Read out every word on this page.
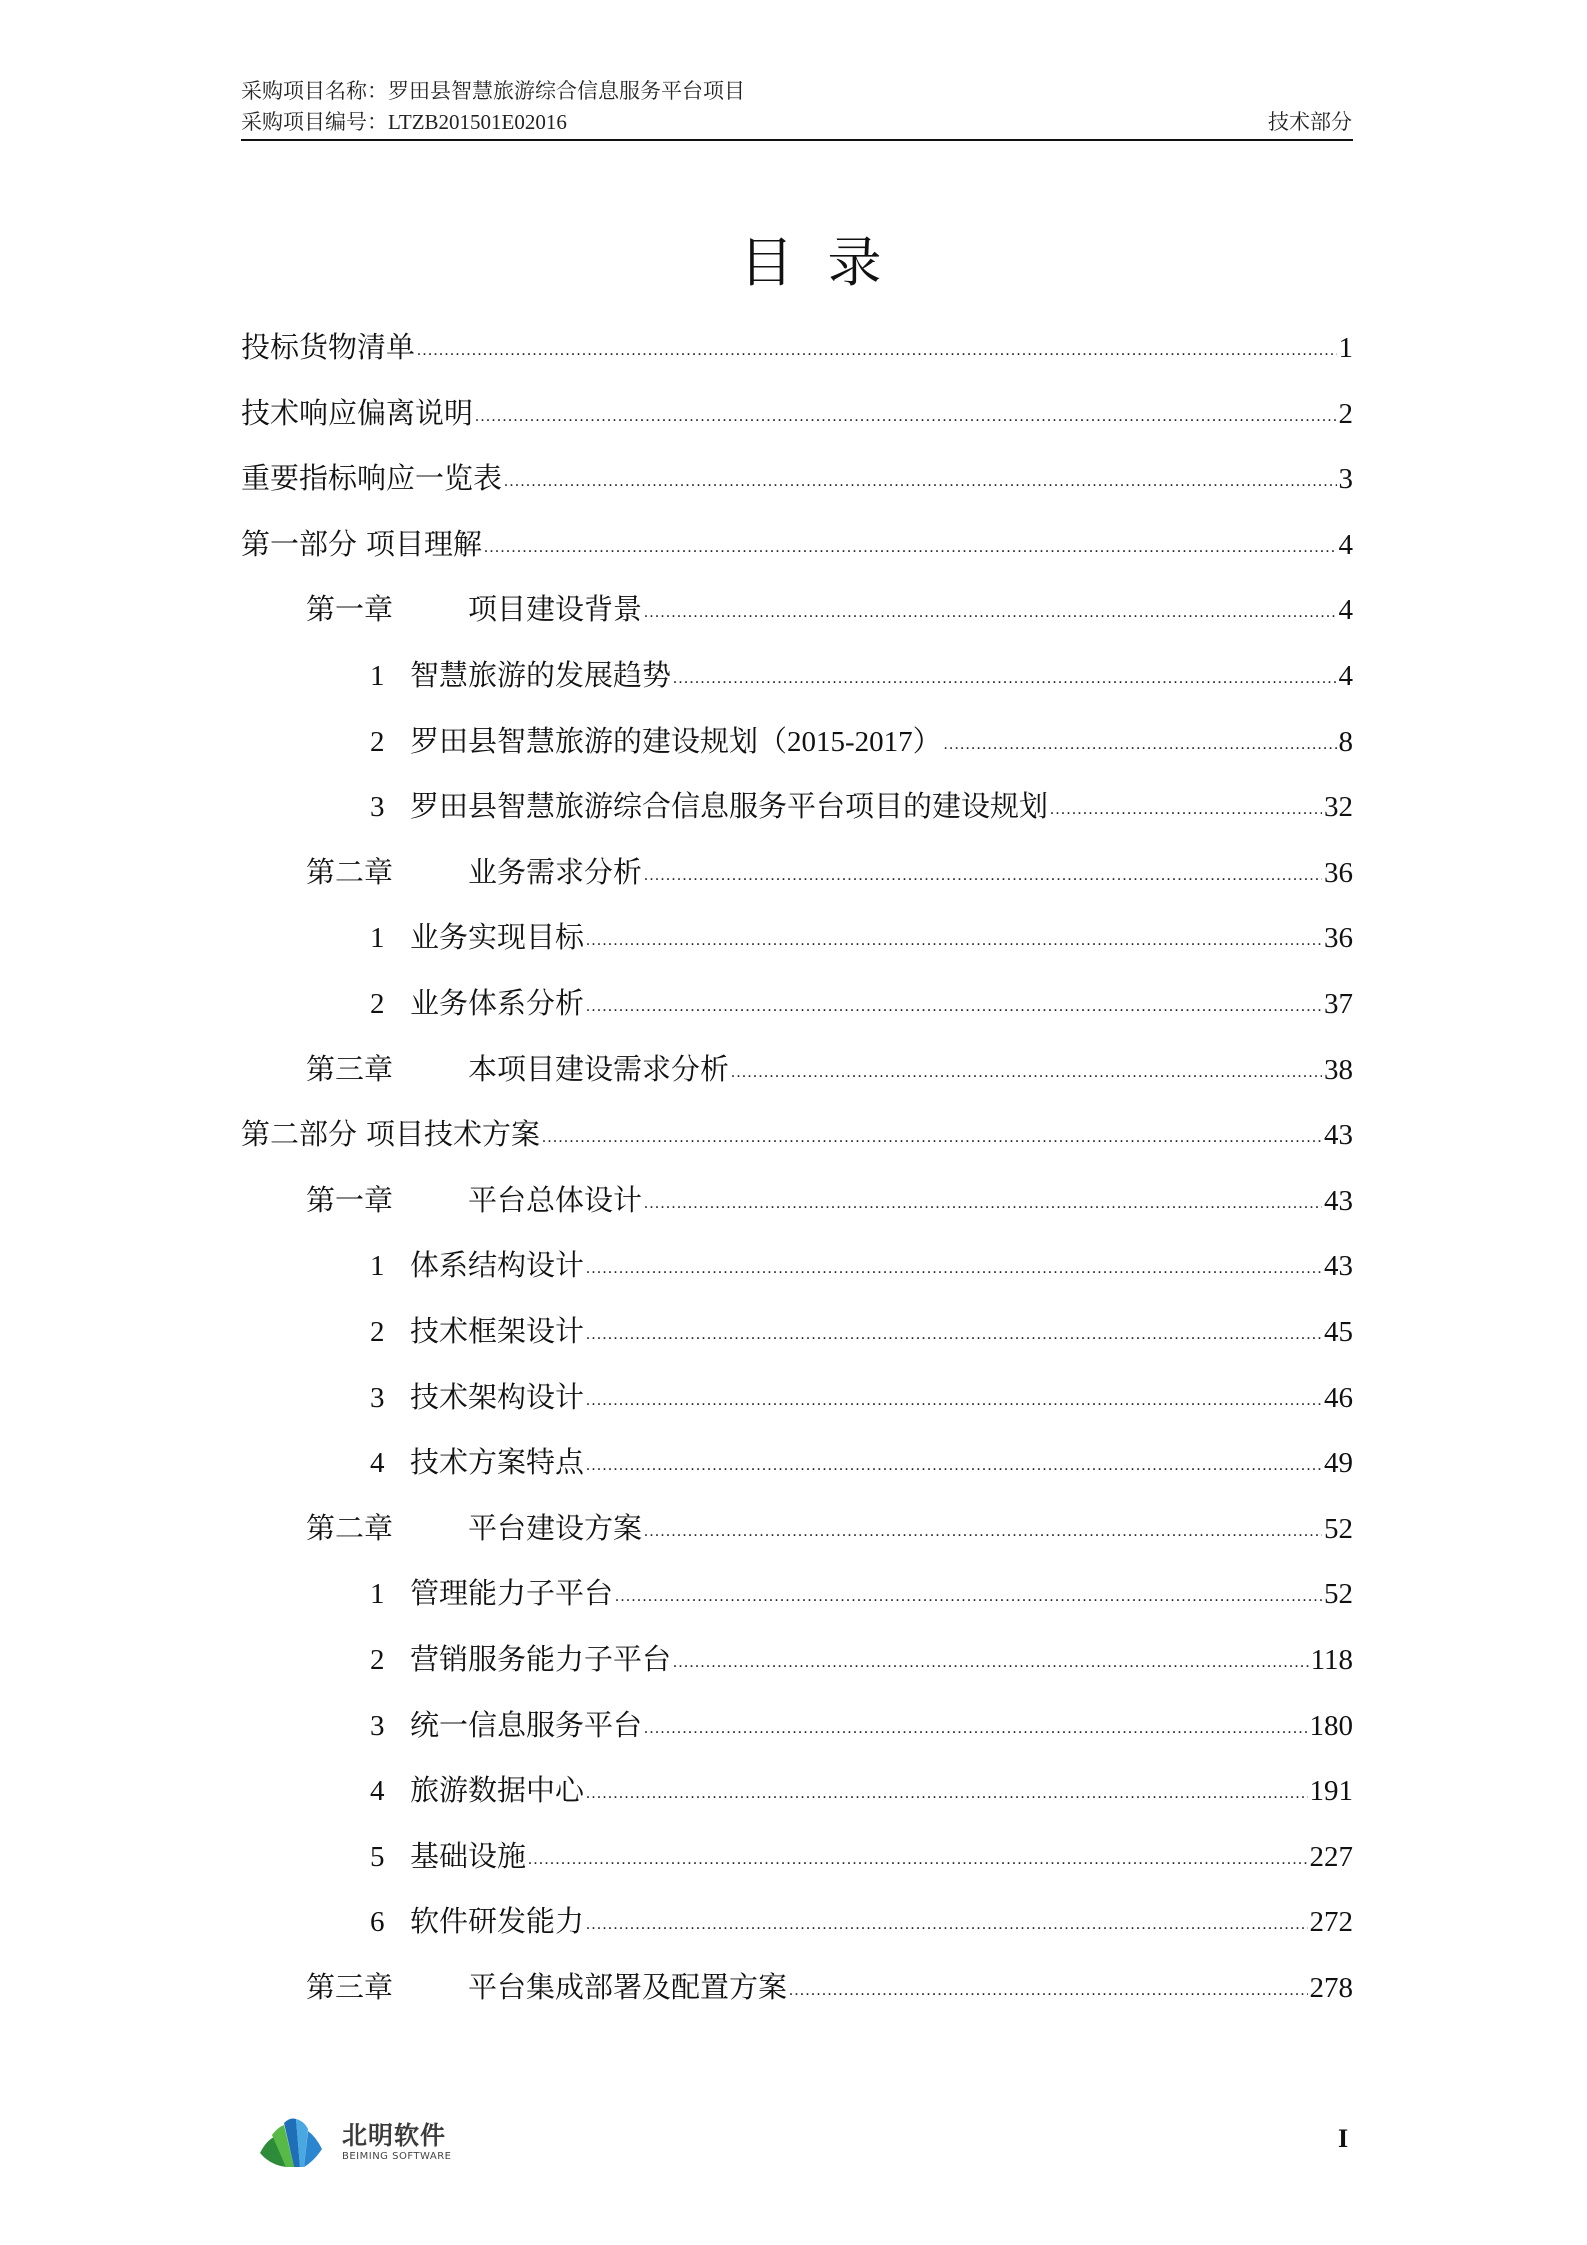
采购项目名称：罗田县智慧旅游综合信息服务平台项目
采购项目编号：LTZB201501E02016	技术部分
目录
投标货物清单 .....	1
技术响应偏离说明 .....	2
重要指标响应一览表 .....	3
第一部分 项目理解 .....	4
第一章	项目建设背景 .....	4
1 智慧旅游的发展趋势 .....	4
2 罗田县智慧旅游的建设规划（2015-2017） .....	8
3 罗田县智慧旅游综合信息服务平台项目的建设规划 .....	32
第二章	业务需求分析 .....	36
1 业务实现目标 .....	36
2 业务体系分析 .....	37
第三章	本项目建设需求分析 .....	38
第二部分 项目技术方案 .....	43
第一章	平台总体设计 .....	43
1 体系结构设计 .....	43
2 技术框架设计 .....	45
3 技术架构设计 .....	46
4 技术方案特点 .....	49
第二章	平台建设方案 .....	52
1 管理能力子平台 .....	52
2 营销服务能力子平台 .....	118
3 统一信息服务平台 .....	180
4 旅游数据中心 .....	191
5 基础设施 .....	227
6 软件研发能力 .....	272
第三章	平台集成部署及配置方案 .....	278
北明软件
BEIMING SOFTWARE
I
